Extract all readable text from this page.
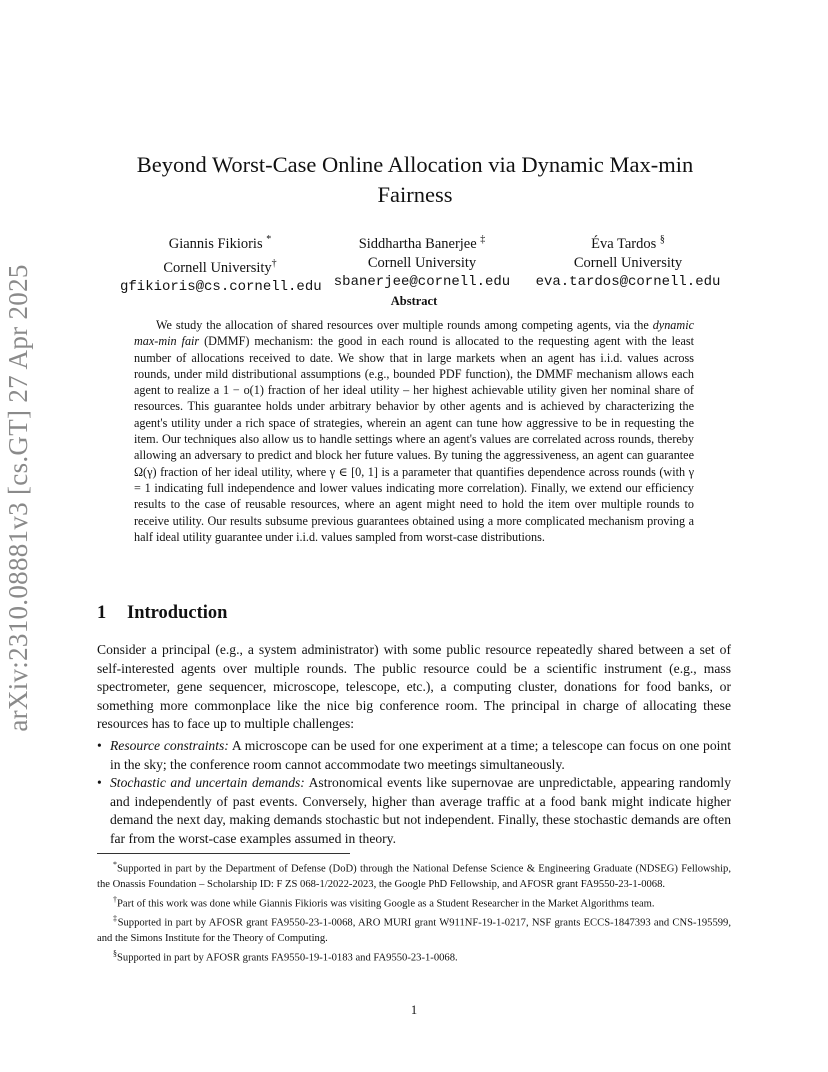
arXiv:2310.08881v3 [cs.GT] 27 Apr 2025
Beyond Worst-Case Online Allocation via Dynamic Max-min Fairness
Giannis Fikioris *
Cornell University†
gfikioris@cs.cornell.edu
Siddhartha Banerjee ‡
Cornell University
sbanerjee@cornell.edu
Éva Tardos §
Cornell University
eva.tardos@cornell.edu
Abstract

We study the allocation of shared resources over multiple rounds among competing agents, via the dynamic max-min fair (DMMF) mechanism: the good in each round is allocated to the requesting agent with the least number of allocations received to date. We show that in large markets when an agent has i.i.d. values across rounds, under mild distributional assumptions (e.g., bounded PDF function), the DMMF mechanism allows each agent to realize a 1 − o(1) fraction of her ideal utility – her highest achievable utility given her nominal share of resources. This guarantee holds under arbitrary behavior by other agents and is achieved by characterizing the agent's utility under a rich space of strategies, wherein an agent can tune how aggressive to be in requesting the item. Our techniques also allow us to handle settings where an agent's values are correlated across rounds, thereby allowing an adversary to predict and block her future values. By tuning the aggressiveness, an agent can guarantee Ω(γ) fraction of her ideal utility, where γ ∈ [0, 1] is a parameter that quantifies dependence across rounds (with γ = 1 indicating full independence and lower values indicating more correlation). Finally, we extend our efficiency results to the case of reusable resources, where an agent might need to hold the item over multiple rounds to receive utility. Our results subsume previous guarantees obtained using a more complicated mechanism proving a half ideal utility guarantee under i.i.d. values sampled from worst-case distributions.

1 Introduction

Consider a principal (e.g., a system administrator) with some public resource repeatedly shared between a set of self-interested agents over multiple rounds. The public resource could be a scientific instrument (e.g., mass spectrometer, gene sequencer, microscope, telescope, etc.), a computing cluster, donations for food banks, or something more commonplace like the nice big conference room. The principal in charge of allocating these resources has to face up to multiple challenges:

• Resource constraints: A microscope can be used for one experiment at a time; a telescope can focus on one point in the sky; the conference room cannot accommodate two meetings simultaneously.
• Stochastic and uncertain demands: Astronomical events like supernovae are unpredictable, appearing randomly and independently of past events. Conversely, higher than average traffic at a food bank might indicate higher demand the next day, making demands stochastic but not independent. Finally, these stochastic demands are often far from the worst-case examples assumed in theory.

*Supported in part by the Department of Defense (DoD) through the National Defense Science & Engineering Graduate (NDSEG) Fellowship, the Onassis Foundation – Scholarship ID: F ZS 068-1/2022-2023, the Google PhD Fellowship, and AFOSR grant FA9550-23-1-0068.

†Part of this work was done while Giannis Fikioris was visiting Google as a Student Researcher in the Market Algorithms team.

‡Supported in part by AFOSR grant FA9550-23-1-0068, ARO MURI grant W911NF-19-1-0217, NSF grants ECCS-1847393 and CNS-195599, and the Simons Institute for the Theory of Computing.

§Supported in part by AFOSR grants FA9550-19-1-0183 and FA9550-23-1-0068.

1
